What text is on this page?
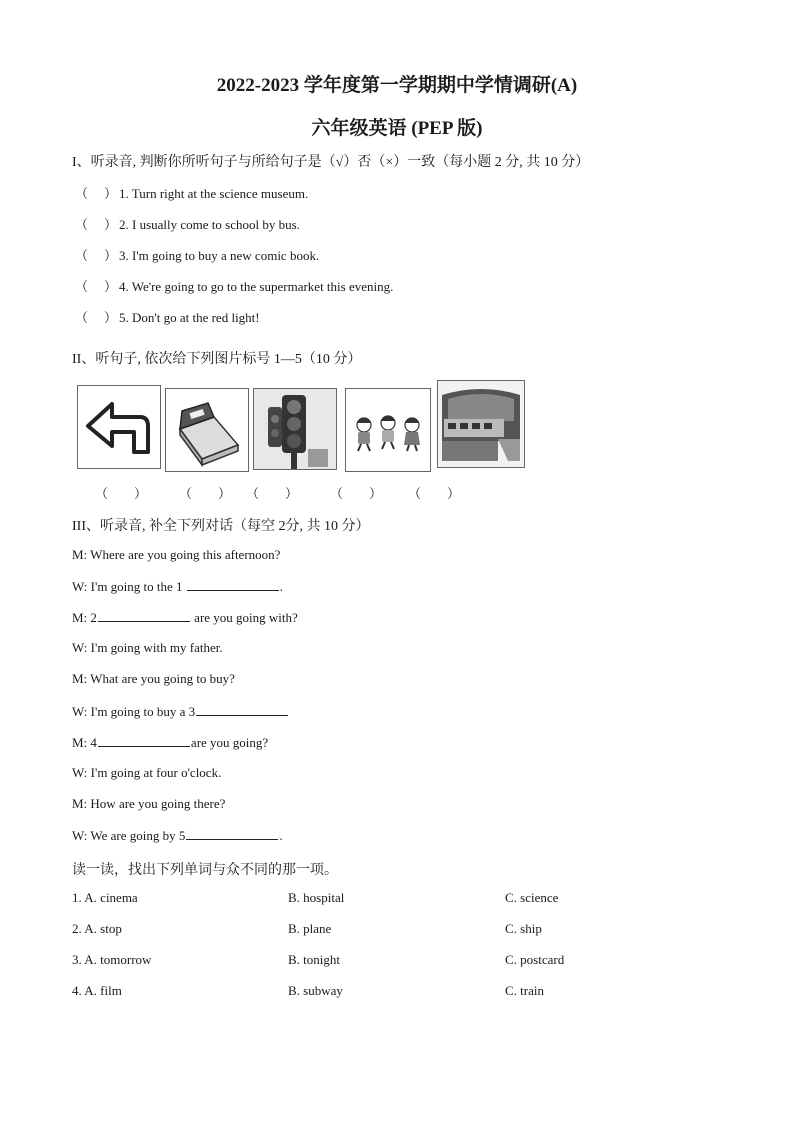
2022-2023 学年度第一学期期中学情调研(A)
六年级英语 (PEP 版)
I、听录音, 判断你所听句子与所给句子是（√）否（×）一致（每小题 2 分, 共 10 分）
（ ） 1. Turn right at the science museum.
（ ） 2. I usually come to school by bus.
（ ） 3. I'm going to buy a new comic book.
（ ） 4. We're going to go to the supermarket this evening.
（ ） 5. Don't go at the red light!
II、听句子, 依次给下列图片标号 1—5（10 分）
（　　） （　　） （　　） （　　） （　　）
III、听录音, 补全下列对话（每空 2分, 共 10 分）
M: Where are you going this afternoon?
W: I'm going to the 1	.
M: 2	are you going with?
W: I'm going with my father.
M: What are you going to buy?
W: I'm going to buy a 3
M: 4	are you going?
W: I'm going at four o'clock.
M: How are you going there?
W: We are going by 5	.
读一读，找出下列单词与众不同的那一项。
1. A. cinema	B. hospital	C. science
2. A. stop	B. plane	C. ship
3. A. tomorrow	B. tonight	C. postcard
4. A. film	B. subway	C. train
